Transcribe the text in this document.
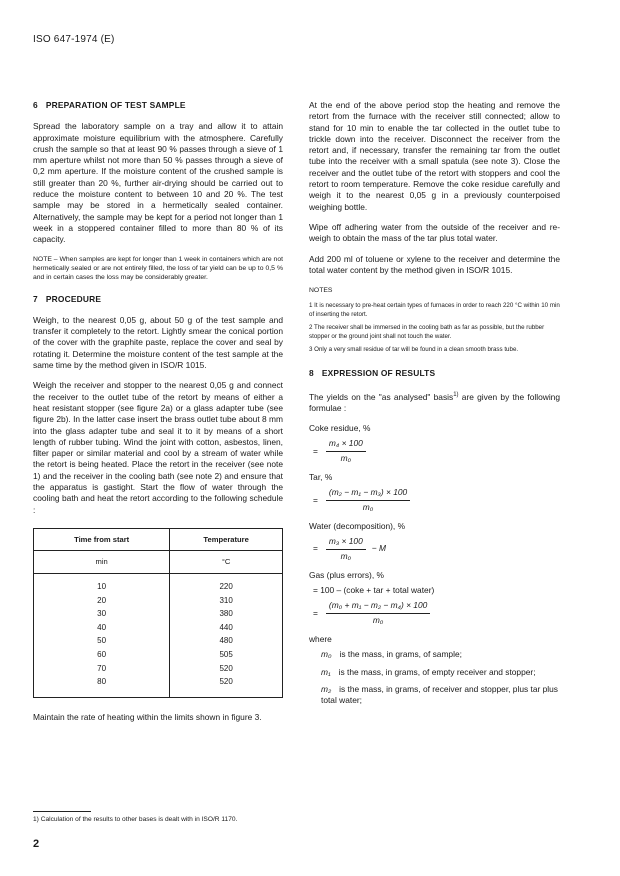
ISO 647-1974 (E)
6 PREPARATION OF TEST SAMPLE

Spread the laboratory sample on a tray and allow it to attain approximate moisture equilibrium with the atmosphere. Carefully crush the sample so that at least 90 % passes through a sieve of 1 mm aperture whilst not more than 50 % passes through a sieve of 0,2 mm aperture. If the moisture content of the crushed sample is still greater than 20 %, further air-drying should be carried out to reduce the moisture content to between 10 and 20 %. The test sample may be stored in a hermetically sealed container. Alternatively, the sample may be kept for a period not longer than 1 week in a stoppered container filled to more than 80 % of its capacity.

NOTE – When samples are kept for longer than 1 week in containers which are not hermetically sealed or are not entirely filled, the loss of tar yield can be up to 0,5 % and in certain cases the loss may be considerably greater.

7 PROCEDURE

Weigh, to the nearest 0,05 g, about 50 g of the test sample and transfer it completely to the retort. Lightly smear the conical portion of the cover with the graphite paste, replace the cover and seal by rotating it. Determine the moisture content of the test sample at the same time by the method given in ISO/R 1015.

Weigh the receiver and stopper to the nearest 0,05 g and connect the receiver to the outlet tube of the retort by means of either a heat resistant stopper (see figure 2a) or a glass adapter tube (see figure 2b). In the latter case insert the brass outlet tube about 8 mm into the glass adapter tube and seal it to it by means of a short length of rubber tubing. Wind the joint with cotton, asbestos, linen, filter paper or similar material and cool by a stream of water while the retort is being heated. Place the retort in the receiver (see note 1) and the receiver in the cooling bath (see note 2) and ensure that the apparatus is gastight. Start the flow of water through the cooling bath and heat the retort according to the following schedule :

Time from start	Temperature
min	°C
10	220
20	310
30	380
40	440
50	480
60	505
70	520
80	520

Maintain the rate of heating within the limits shown in figure 3.

At the end of the above period stop the heating and remove the retort from the furnace with the receiver still connected; allow to stand for 10 min to enable the tar collected in the outlet tube to trickle down into the receiver. Disconnect the receiver from the retort and, if necessary, transfer the remaining tar from the outlet tube into the receiver with a small spatula (see note 3). Close the receiver and the outlet tube of the retort with stoppers and cool the retort to room temperature. Remove the coke residue carefully and weigh it to the nearest 0,05 g in a previously counterpoised weighing bottle.

Wipe off adhering water from the outside of the receiver and re-weigh to obtain the mass of the tar plus total water.

Add 200 ml of toluene or xylene to the receiver and determine the total water content by the method given in ISO/R 1015.

NOTES

1 It is necessary to pre-heat certain types of furnaces in order to reach 220 °C within 10 min of inserting the retort.

2 The receiver shall be immersed in the cooling bath as far as possible, but the rubber stopper or the ground joint shall not touch the water.

3 Only a very small residue of tar will be found in a clean smooth brass tube.

8 EXPRESSION OF RESULTS

The yields on the "as analysed" basis$^{1)}$ are given by the following formulae :

Coke residue, %
= $\frac{\text{m₄ × 100}}{\text{m₀}}$
Tar, %
= $\frac{\text{(m₂ − m₁ − m₃) × 100}}{\text{m₀}}$
Water (decomposition), %
= $\frac{\text{m₃ × 100}}{\text{m₀}} - M$
Gas (plus errors), %
= 100 – (coke + tar + total water)
= $\frac{\text{(m₀ + m₁ − m₂ − m₄) × 100}}{\text{m₀}}$
where
m₀ is the mass, in grams, of sample;
m₁ is the mass, in grams, of empty receiver and stopper;
m₂ is the mass, in grams, of receiver and stopper, plus tar plus total water;
1) Calculation of the results to other bases is dealt with in ISO/R 1170.
2
